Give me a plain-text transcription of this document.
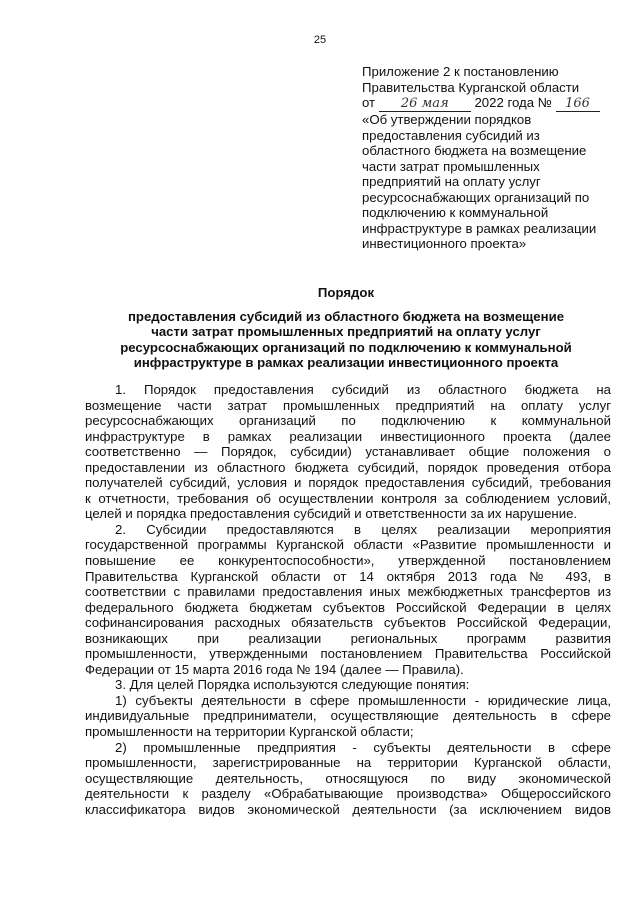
25
Приложение 2 к постановлению
Правительства Курганской области
от 26 мая 2022 года № 166
«Об утверждении порядков
предоставления субсидий из
областного бюджета на возмещение
части затрат промышленных
предприятий на оплату услуг
ресурсоснабжающих организаций по
подключению к коммунальной
инфраструктуре в рамках реализации
инвестиционного проекта»
Порядок
предоставления субсидий из областного бюджета на возмещение
части затрат промышленных предприятий на оплату услуг
ресурсоснабжающих организаций по подключению к коммунальной
инфраструктуре в рамках реализации инвестиционного проекта
1. Порядок предоставления субсидий из областного бюджета на
возмещение части затрат промышленных предприятий на оплату услуг
ресурсоснабжающих организаций по подключению к коммунальной
инфраструктуре в рамках реализации инвестиционного проекта (далее
соответственно — Порядок, субсидии) устанавливает общие положения о
предоставлении из областного бюджета субсидий, порядок проведения отбора
получателей субсидий, условия и порядок предоставления субсидий, требования
к отчетности, требования об осуществлении контроля за соблюдением условий,
целей и порядка предоставления субсидий и ответственности за их нарушение.
2. Субсидии предоставляются в целях реализации мероприятия
государственной программы Курганской области «Развитие промышленности и
повышение ее конкурентоспособности», утвержденной постановлением
Правительства Курганской области от 14 октября 2013 года № 493, в
соответствии с правилами предоставления иных межбюджетных трансфертов из
федерального бюджета бюджетам субъектов Российской Федерации в целях
софинансирования расходных обязательств субъектов Российской Федерации,
возникающих при реализации региональных программ развития
промышленности, утвержденными постановлением Правительства Российской
Федерации от 15 марта 2016 года № 194 (далее — Правила).
3. Для целей Порядка используются следующие понятия:
1) субъекты деятельности в сфере промышленности - юридические лица,
индивидуальные предприниматели, осуществляющие деятельность в сфере
промышленности на территории Курганской области;
2) промышленные предприятия - субъекты деятельности в сфере
промышленности, зарегистрированные на территории Курганской области,
осуществляющие деятельность, относящуюся по виду экономической
деятельности к разделу «Обрабатывающие производства» Общероссийского
классификатора видов экономической деятельности (за исключением видов
